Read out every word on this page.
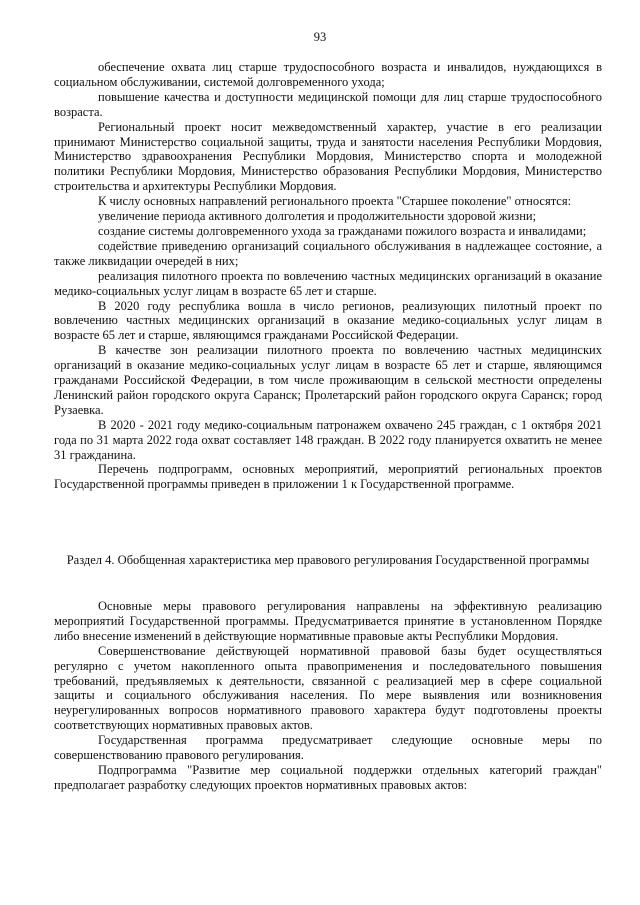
93

обеспечение охвата лиц старше трудоспособного возраста и инвалидов, нуждающихся в социальном обслуживании, системой долговременного ухода;

повышение качества и доступности медицинской помощи для лиц старше трудоспособного возраста.

Региональный проект носит межведомственный характер, участие в его реализации принимают Министерство социальной защиты, труда и занятости населения Республики Мордовия, Министерство здравоохранения Республики Мордовия, Министерство спорта и молодежной политики Республики Мордовия, Министерство образования Республики Мордовия, Министерство строительства и архитектуры Республики Мордовия.

К числу основных направлений регионального проекта "Старшее поколение" относятся:

увеличение периода активного долголетия и продолжительности здоровой жизни;

создание системы долговременного ухода за гражданами пожилого возраста и инвалидами;

содействие приведению организаций социального обслуживания в надлежащее состояние, а также ликвидации очередей в них;

реализация пилотного проекта по вовлечению частных медицинских организаций в оказание медико-социальных услуг лицам в возрасте 65 лет и старше.

В 2020 году республика вошла в число регионов, реализующих пилотный проект по вовлечению частных медицинских организаций в оказание медико-социальных услуг лицам в возрасте 65 лет и старше, являющимся гражданами Российской Федерации.

В качестве зон реализации пилотного проекта по вовлечению частных медицинских организаций в оказание медико-социальных услуг лицам в возрасте 65 лет и старше, являющимся гражданами Российской Федерации, в том числе проживающим в сельской местности определены Ленинский район городского округа Саранск; Пролетарский район городского округа Саранск; город Рузаевка.

В 2020 - 2021 году медико-социальным патронажем охвачено 245 граждан, с 1 октября 2021 года по 31 марта 2022 года охват составляет 148 граждан. В 2022 году планируется охватить не менее 31 гражданина.

Перечень подпрограмм, основных мероприятий, мероприятий региональных проектов Государственной программы приведен в приложении 1 к Государственной программе.

Раздел 4. Обобщенная характеристика мер правового регулирования Государственной программы

Основные меры правового регулирования направлены на эффективную реализацию мероприятий Государственной программы. Предусматривается принятие в установленном Порядке либо внесение изменений в действующие нормативные правовые акты Республики Мордовия.

Совершенствование действующей нормативной правовой базы будет осуществляться регулярно с учетом накопленного опыта правоприменения и последовательного повышения требований, предъявляемых к деятельности, связанной с реализацией мер в сфере социальной защиты и социального обслуживания населения. По мере выявления или возникновения неурегулированных вопросов нормативного правового характера будут подготовлены проекты соответствующих нормативных правовых актов.

Государственная программа предусматривает следующие основные меры по совершенствованию правового регулирования.

Подпрограмма "Развитие мер социальной поддержки отдельных категорий граждан" предполагает разработку следующих проектов нормативных правовых актов:
